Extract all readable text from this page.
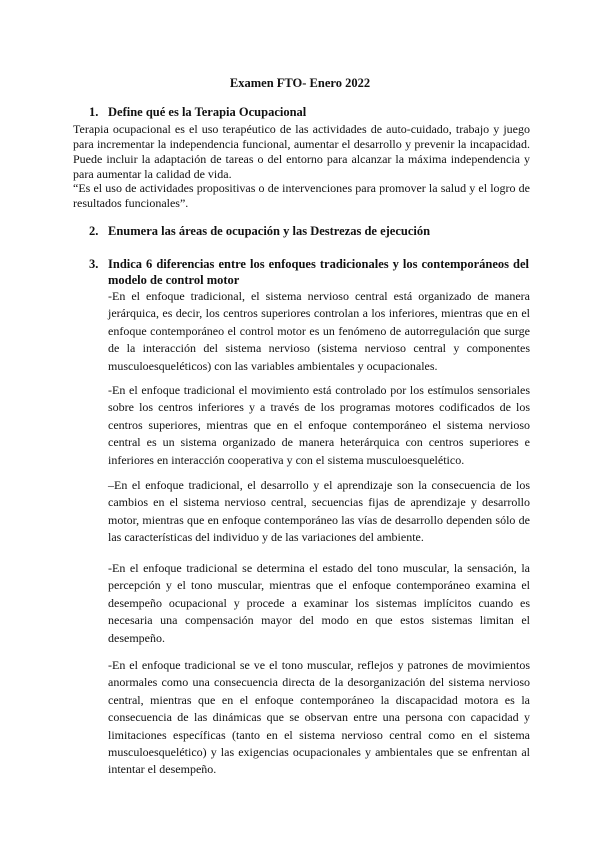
Examen FTO- Enero 2022
1. Define qué es la Terapia Ocupacional

Terapia ocupacional es el uso terapéutico de las actividades de auto-cuidado, trabajo y juego para incrementar la independencia funcional, aumentar el desarrollo y prevenir la incapacidad. Puede incluir la adaptación de tareas o del entorno para alcanzar la máxima independencia y para aumentar la calidad de vida.

“Es el uso de actividades propositivas o de intervenciones para promover la salud y el logro de resultados funcionales”.

2. Enumera las áreas de ocupación y las Destrezas de ejecución
3. Indica 6 diferencias entre los enfoques tradicionales y los contemporáneos del modelo de control motor

-En el enfoque tradicional, el sistema nervioso central está organizado de manera jerárquica, es decir, los centros superiores controlan a los inferiores, mientras que en el enfoque contemporáneo el control motor es un fenómeno de autorregulación que surge de la interacción del sistema nervioso (sistema nervioso central y componentes musculoesqueléticos) con las variables ambientales y ocupacionales.

-En el enfoque tradicional el movimiento está controlado por los estímulos sensoriales sobre los centros inferiores y a través de los programas motores codificados de los centros superiores, mientras que en el enfoque contemporáneo el sistema nervioso central es un sistema organizado de manera heterárquica con centros superiores e inferiores en interacción cooperativa y con el sistema musculoesquelético.

–En el enfoque tradicional, el desarrollo y el aprendizaje son la consecuencia de los cambios en el sistema nervioso central, secuencias fijas de aprendizaje y desarrollo motor, mientras que en enfoque contemporáneo las vías de desarrollo dependen sólo de las características del individuo y de las variaciones del ambiente.

-En el enfoque tradicional se determina el estado del tono muscular, la sensación, la percepción y el tono muscular, mientras que el enfoque contemporáneo examina el desempeño ocupacional y procede a examinar los sistemas implícitos cuando es necesaria una compensación mayor del modo en que estos sistemas limitan el desempeño.

-En el enfoque tradicional se ve el tono muscular, reflejos y patrones de movimientos anormales como una consecuencia directa de la desorganización del sistema nervioso central, mientras que en el enfoque contemporáneo la discapacidad motora es la consecuencia de las dinámicas que se observan entre una persona con capacidad y limitaciones específicas (tanto en el sistema nervioso central como en el sistema musculoesquelético) y las exigencias ocupacionales y ambientales que se enfrentan al intentar el desempeño.
